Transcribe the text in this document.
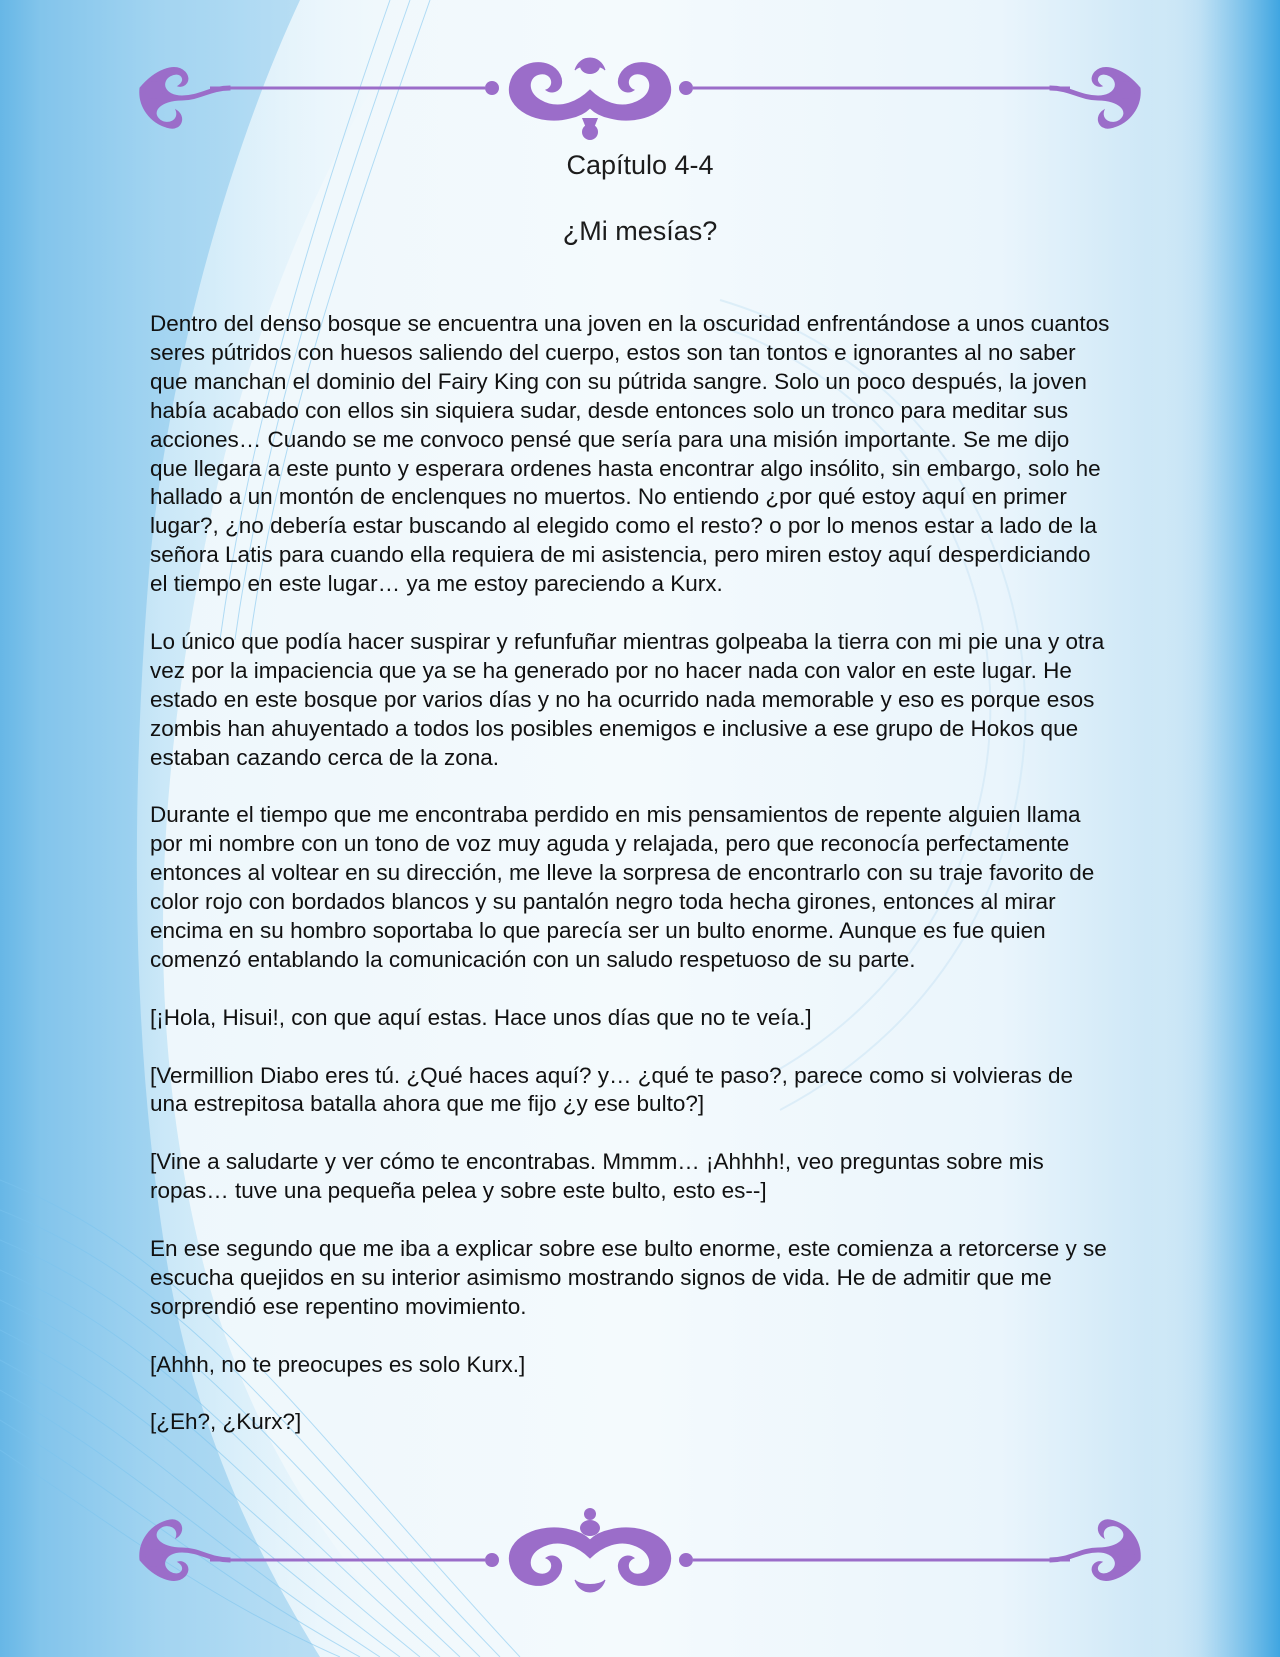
Capítulo 4-4
¿Mi mesías?

Dentro del denso bosque se encuentra una joven en la oscuridad enfrentándose a unos cuantos seres pútridos con huesos saliendo del cuerpo, estos son tan tontos e ignorantes al no saber que manchan el dominio del Fairy King con su pútrida sangre. Solo un poco después, la joven había acabado con ellos sin siquiera sudar, desde entonces solo un tronco para meditar sus acciones… Cuando se me convoco pensé que sería para una misión importante. Se me dijo que llegara a este punto y esperara ordenes hasta encontrar algo insólito, sin embargo, solo he hallado a un montón de enclenques no muertos. No entiendo ¿por qué estoy aquí en primer lugar?, ¿no debería estar buscando al elegido como el resto? o por lo menos estar a lado de la señora Latis para cuando ella requiera de mi asistencia, pero miren estoy aquí desperdiciando el tiempo en este lugar… ya me estoy pareciendo a Kurx.

Lo único que podía hacer suspirar y refunfuñar mientras golpeaba la tierra con mi pie una y otra vez por la impaciencia que ya se ha generado por no hacer nada con valor en este lugar. He estado en este bosque por varios días y no ha ocurrido nada memorable y eso es porque esos zombis han ahuyentado a todos los posibles enemigos e inclusive a ese grupo de Hokos que estaban cazando cerca de la zona.

Durante el tiempo que me encontraba perdido en mis pensamientos de repente alguien llama por mi nombre con un tono de voz muy aguda y relajada, pero que reconocía perfectamente entonces al voltear en su dirección, me lleve la sorpresa de encontrarlo con su traje favorito de color rojo con bordados blancos y su pantalón negro toda hecha girones, entonces al mirar encima en su hombro soportaba lo que parecía ser un bulto enorme. Aunque es fue quien comenzó entablando la comunicación con un saludo respetuoso de su parte.

[¡Hola, Hisui!, con que aquí estas. Hace unos días que no te veía.]

[Vermillion Diabo eres tú. ¿Qué haces aquí? y… ¿qué te paso?, parece como si volvieras de una estrepitosa batalla ahora que me fijo ¿y ese bulto?]

[Vine a saludarte y ver cómo te encontrabas. Mmmm… ¡Ahhhh!, veo preguntas sobre mis ropas… tuve una pequeña pelea y sobre este bulto, esto es--]

En ese segundo que me iba a explicar sobre ese bulto enorme, este comienza a retorcerse y se escucha quejidos en su interior asimismo mostrando signos de vida. He de admitir que me sorprendió ese repentino movimiento.

[Ahhh, no te preocupes es solo Kurx.]

[¿Eh?, ¿Kurx?]
